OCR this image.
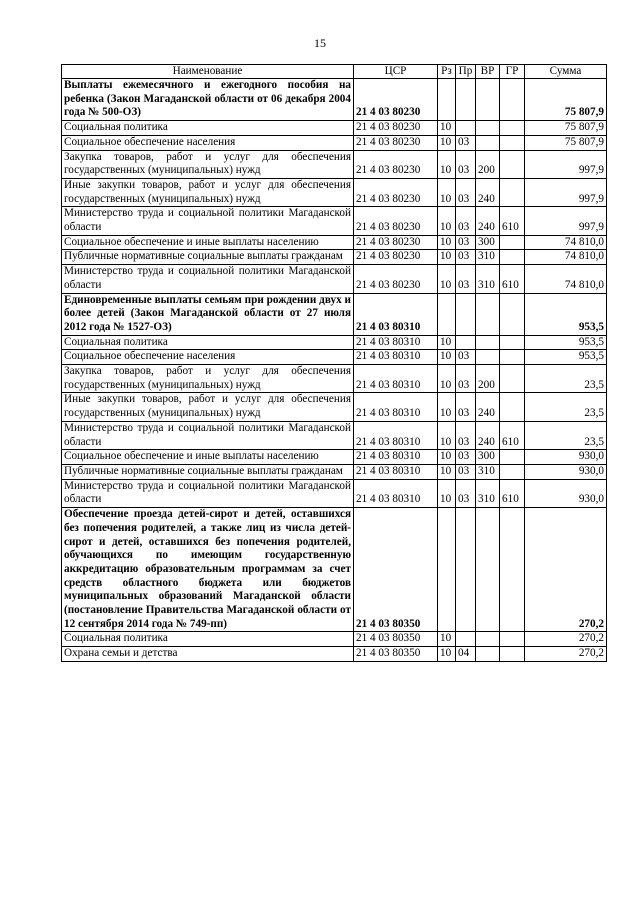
15
Наименование	ЦСР	Рз	Пр	ВР	ГР	Сумма
Выплаты ежемесячного и ежегодного пособия на ребенка (Закон Магаданской области от 06 декабря 2004 года № 500-ОЗ)	21 4 03 80230					75 807,9
Социальная политика	21 4 03 80230	10				75 807,9
Социальное обеспечение населения	21 4 03 80230	10	03			75 807,9
Закупка товаров, работ и услуг для обеспечения государственных (муниципальных) нужд	21 4 03 80230	10	03	200		997,9
Иные закупки товаров, работ и услуг для обеспечения государственных (муниципальных) нужд	21 4 03 80230	10	03	240		997,9
Министерство труда и социальной политики Магаданской области	21 4 03 80230	10	03	240	610	997,9
Социальное обеспечение и иные выплаты населению	21 4 03 80230	10	03	300		74 810,0
Публичные нормативные социальные выплаты гражданам	21 4 03 80230	10	03	310		74 810,0
Министерство труда и социальной политики Магаданской области	21 4 03 80230	10	03	310	610	74 810,0
Единовременные выплаты семьям при рождении двух и более детей (Закон Магаданской области от 27 июля 2012 года № 1527-ОЗ)	21 4 03 80310					953,5
Социальная политика	21 4 03 80310	10				953,5
Социальное обеспечение населения	21 4 03 80310	10	03			953,5
Закупка товаров, работ и услуг для обеспечения государственных (муниципальных) нужд	21 4 03 80310	10	03	200		23,5
Иные закупки товаров, работ и услуг для обеспечения государственных (муниципальных) нужд	21 4 03 80310	10	03	240		23,5
Министерство труда и социальной политики Магаданской области	21 4 03 80310	10	03	240	610	23,5
Социальное обеспечение и иные выплаты населению	21 4 03 80310	10	03	300		930,0
Публичные нормативные социальные выплаты гражданам	21 4 03 80310	10	03	310		930,0
Министерство труда и социальной политики Магаданской области	21 4 03 80310	10	03	310	610	930,0
Обеспечение проезда детей-сирот и детей, оставшихся без попечения родителей, а также лиц из числа детей-сирот и детей, оставшихся без попечения родителей, обучающихся по имеющим государственную аккредитацию образовательным программам за счет средств областного бюджета или бюджетов муниципальных образований Магаданской области (постановление Правительства Магаданской области от 12 сентября 2014 года № 749-пп)	21 4 03 80350					270,2
Социальная политика	21 4 03 80350	10				270,2
Охрана семьи и детства	21 4 03 80350	10	04			270,2
